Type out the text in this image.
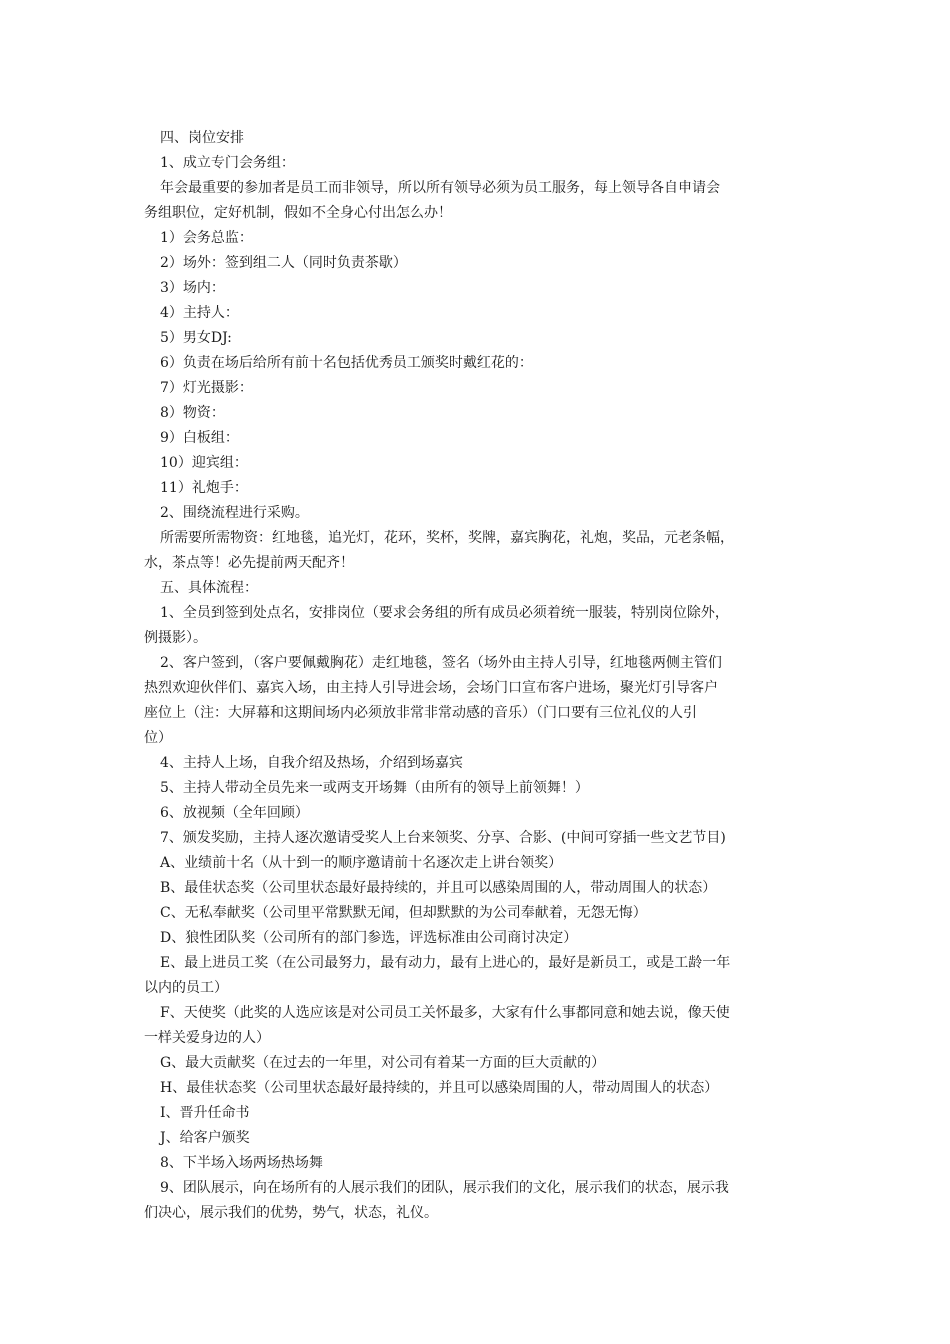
四、岗位安排
1、成立专门会务组：
年会最重要的参加者是员工而非领导，所以所有领导必须为员工服务，每上领导各自申请会
务组职位，定好机制，假如不全身心付出怎么办！
1）会务总监：
2）场外：签到组二人（同时负责茶歇）
3）场内：
4）主持人：
5）男女DJ:
6）负责在场后给所有前十名包括优秀员工颁奖时戴红花的：
7）灯光摄影：
8）物资：
9）白板组：
10）迎宾组：
11）礼炮手：
2、围绕流程进行采购。
所需要所需物资：红地毯，追光灯，花环，奖杯，奖牌，嘉宾胸花，礼炮，奖品，元老条幅，
水，茶点等！必先提前两天配齐！
五、具体流程：
1、全员到签到处点名，安排岗位（要求会务组的所有成员必须着统一服装，特别岗位除外，
例摄影）。
2、客户签到，（客户要佩戴胸花）走红地毯，签名（场外由主持人引导，红地毯两侧主管们
热烈欢迎伙伴们、嘉宾入场，由主持人引导进会场，会场门口宣布客户进场，聚光灯引导客户
座位上（注：大屏幕和这期间场内必须放非常非常动感的音乐）（门口要有三位礼仪的人引
位）
4、主持人上场，自我介绍及热场，介绍到场嘉宾
5、主持人带动全员先来一或两支开场舞（由所有的领导上前领舞！）
6、放视频（全年回顾）
7、颁发奖励，主持人逐次邀请受奖人上台来领奖、分享、合影、(中间可穿插一些文艺节目)
A、业绩前十名（从十到一的顺序邀请前十名逐次走上讲台领奖）
B、最佳状态奖（公司里状态最好最持续的，并且可以感染周围的人，带动周围人的状态）
C、无私奉献奖（公司里平常默默无闻，但却默默的为公司奉献着，无怨无悔）
D、狼性团队奖（公司所有的部门参选，评选标准由公司商讨决定）
E、最上进员工奖（在公司最努力，最有动力，最有上进心的，最好是新员工，或是工龄一年
以内的员工）
F、天使奖（此奖的人选应该是对公司员工关怀最多，大家有什么事都同意和她去说，像天使
一样关爱身边的人）
G、最大贡献奖（在过去的一年里，对公司有着某一方面的巨大贡献的）
H、最佳状态奖（公司里状态最好最持续的，并且可以感染周围的人，带动周围人的状态）
I、晋升任命书
J、给客户颁奖
8、下半场入场两场热场舞
9、团队展示，向在场所有的人展示我们的团队，展示我们的文化，展示我们的状态，展示我
们决心，展示我们的优势，势气，状态，礼仪。
